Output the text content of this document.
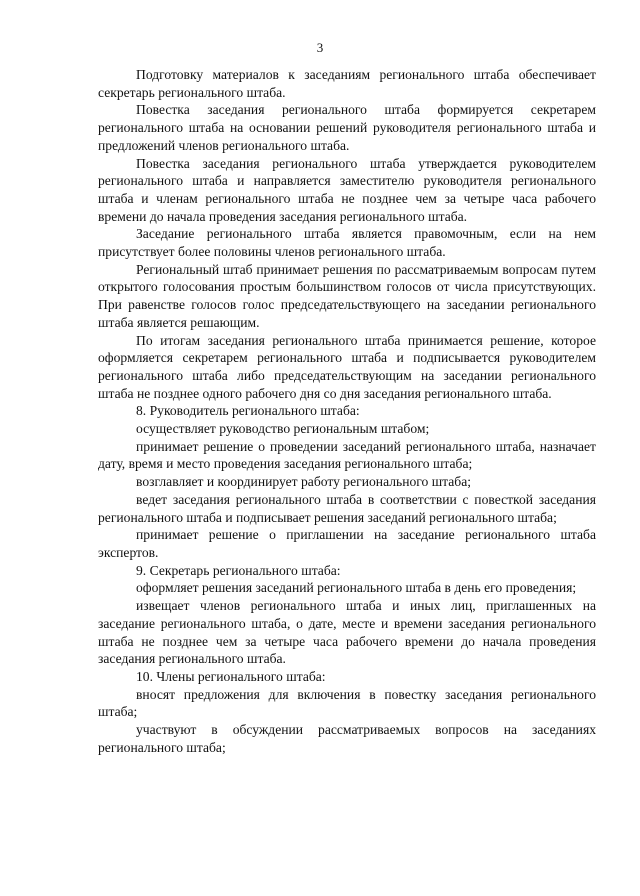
3

Подготовку материалов к заседаниям регионального штаба обеспечивает секретарь регионального штаба.

Повестка заседания регионального штаба формируется секретарем регионального штаба на основании решений руководителя регионального штаба и предложений членов регионального штаба.

Повестка заседания регионального штаба утверждается руководителем регионального штаба и направляется заместителю руководителя регионального штаба и членам регионального штаба не позднее чем за четыре часа рабочего времени до начала проведения заседания регионального штаба.

Заседание регионального штаба является правомочным, если на нем присутствует более половины членов регионального штаба.

Региональный штаб принимает решения по рассматриваемым вопросам путем открытого голосования простым большинством голосов от числа присутствующих. При равенстве голосов голос председательствующего на заседании регионального штаба является решающим.

По итогам заседания регионального штаба принимается решение, которое оформляется секретарем регионального штаба и подписывается руководителем регионального штаба либо председательствующим на заседании регионального штаба не позднее одного рабочего дня со дня заседания регионального штаба.

8. Руководитель регионального штаба:

осуществляет руководство региональным штабом;

принимает решение о проведении заседаний регионального штаба, назначает дату, время и место проведения заседания регионального штаба;

возглавляет и координирует работу регионального штаба;

ведет заседания регионального штаба в соответствии с повесткой заседания регионального штаба и подписывает решения заседаний регионального штаба;

принимает решение о приглашении на заседание регионального штаба экспертов.

9. Секретарь регионального штаба:

оформляет решения заседаний регионального штаба в день его проведения;

извещает членов регионального штаба и иных лиц, приглашенных на заседание регионального штаба, о дате, месте и времени заседания регионального штаба не позднее чем за четыре часа рабочего времени до начала проведения заседания регионального штаба.

10. Члены регионального штаба:

вносят предложения для включения в повестку заседания регионального штаба;

участвуют в обсуждении рассматриваемых вопросов на заседаниях регионального штаба;
